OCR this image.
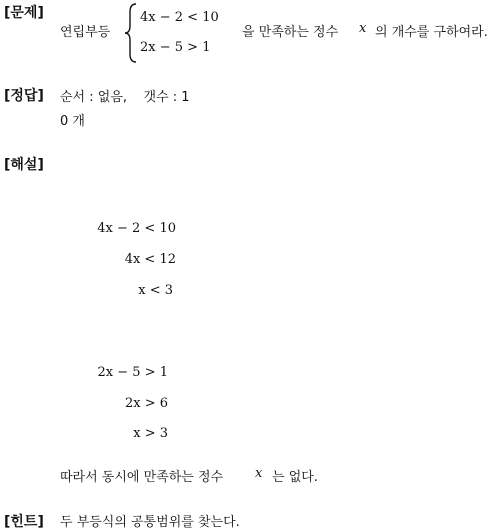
[문제]
연립부등
4x − 2 < 10
2x − 5 > 1
을 만족하는 정수 x 의 개수를 구하여라.
[정답] 순서 : 없음,    갯수 : 1
0 개
[해설]
4x − 2 < 10
4x < 12
x < 3
2x − 5 > 1
2x > 6
x > 3
따라서 동시에 만족하는 정수 x 는 없다.
[힌트] 두 부등식의 공통범위를 찾는다.
